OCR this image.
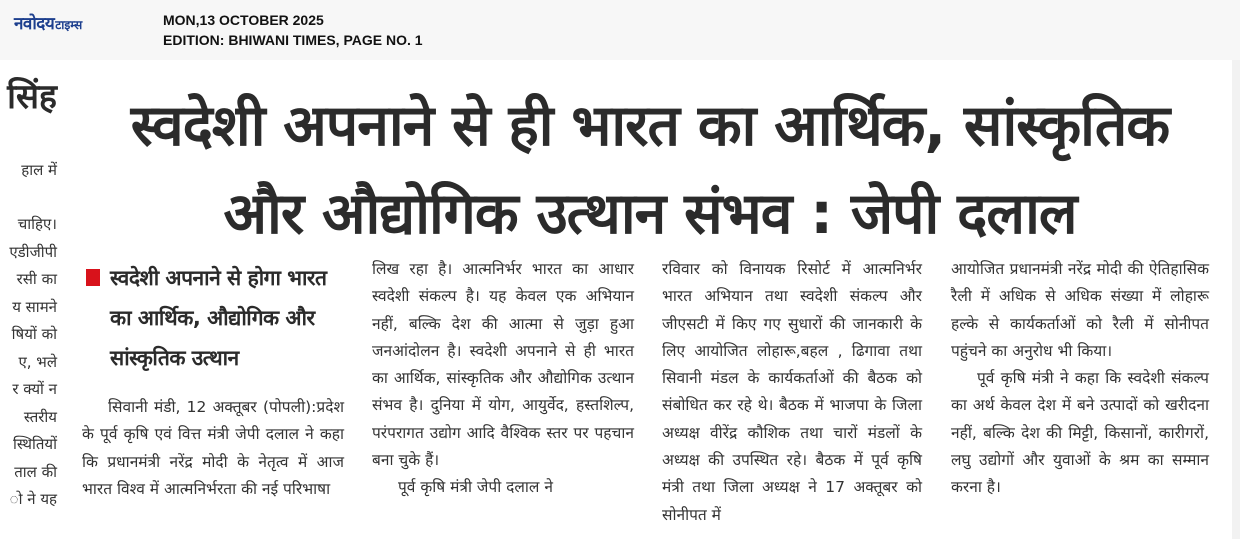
नवोदय टाइम्स	MON,13 OCTOBER 2025
EDITION: BHIWANI TIMES, PAGE NO. 1
सिंह
हाल में
चाहिए।
एडीजीपी
रसी का
य सामने
षियों को
ए, भले
र क्यों न
स्तरीय
स्थितियों
ताल की
ो ने यह
स्वदेशी अपनाने से ही भारत का आर्थिक, सांस्कृतिक
और औद्योगिक उत्थान संभव : जेपी दलाल
स्वदेशी अपनाने से होगा भारत का आर्थिक, औद्योगिक और सांस्कृतिक उत्थान

सिवानी मंडी, 12 अक्तूबर (पोपली):प्रदेश के पूर्व कृषि एवं वित्त मंत्री जेपी दलाल ने कहा कि प्रधानमंत्री नरेंद्र मोदी के नेतृत्व में आज भारत विश्व में आत्मनिर्भरता की नई परिभाषा

लिख रहा है। आत्मनिर्भर भारत का आधार स्वदेशी संकल्प है। यह केवल एक अभियान नहीं, बल्कि देश की आत्मा से जुड़ा हुआ जनआंदोलन है। स्वदेशी अपनाने से ही भारत का आर्थिक, सांस्कृतिक और औद्योगिक उत्थान संभव है। दुनिया में योग, आयुर्वेद, हस्तशिल्प, परंपरागत उद्योग आदि वैश्विक स्तर पर पहचान बना चुके हैं।

पूर्व कृषि मंत्री जेपी दलाल ने

रविवार को विनायक रिसोर्ट में आत्मनिर्भर भारत अभियान तथा स्वदेशी संकल्प और जीएसटी में किए गए सुधारों की जानकारी के लिए आयोजित लोहारू,बहल , ढिगावा तथा सिवानी मंडल के कार्यकर्ताओं की बैठक को संबोधित कर रहे थे। बैठक में भाजपा के जिला अध्यक्ष वीरेंद्र कौशिक तथा चारों मंडलों के अध्यक्ष की उपस्थित रहे। बैठक में पूर्व कृषि मंत्री तथा जिला अध्यक्ष ने 17 अक्तूबर को सोनीपत में

आयोजित प्रधानमंत्री नरेंद्र मोदी की ऐतिहासिक रैली में अधिक से अधिक संख्या में लोहारू हल्के से कार्यकर्ताओं को रैली में सोनीपत पहुंचने का अनुरोध भी किया।

पूर्व कृषि मंत्री ने कहा कि स्वदेशी संकल्प का अर्थ केवल देश में बने उत्पादों को खरीदना नहीं, बल्कि देश की मिट्टी, किसानों, कारीगरों, लघु उद्योगों और युवाओं के श्रम का सम्मान करना है।
